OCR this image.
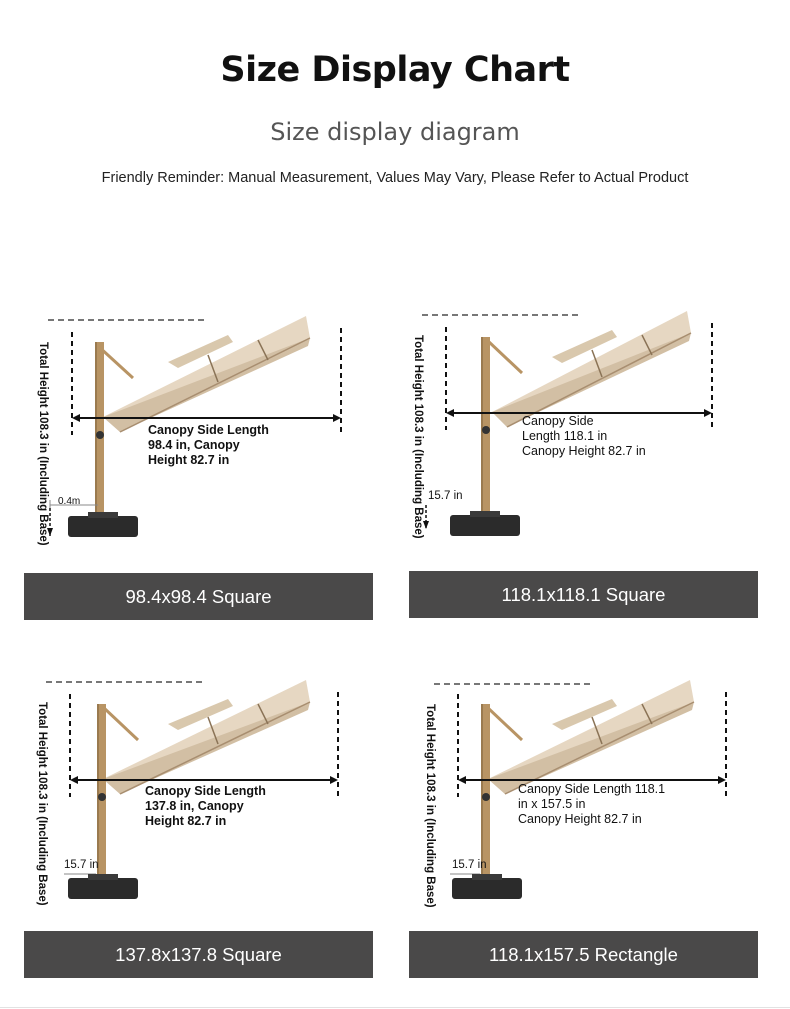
Size Display Chart
Size display diagram
Friendly Reminder: Manual Measurement, Values May Vary, Please Refer to Actual Product
Total Height 108.3 in (Including Base)	Canopy Side Length
98.4 in, Canopy
Height 82.7 in
0.4m
98.4x98.4 Square
Total Height 108.3 in (Including Base)	Canopy Side
Length 118.1 in
Canopy Height 82.7 in
15.7 in
118.1x118.1 Square
Total Height 108.3 in (Including Base)	Canopy Side Length
137.8 in, Canopy
Height 82.7 in
15.7 in
137.8x137.8 Square
Total Height 108.3 in (Including Base)	Canopy Side Length 118.1
in x 157.5 in
Canopy Height 82.7 in
15.7 in
118.1x157.5 Rectangle
